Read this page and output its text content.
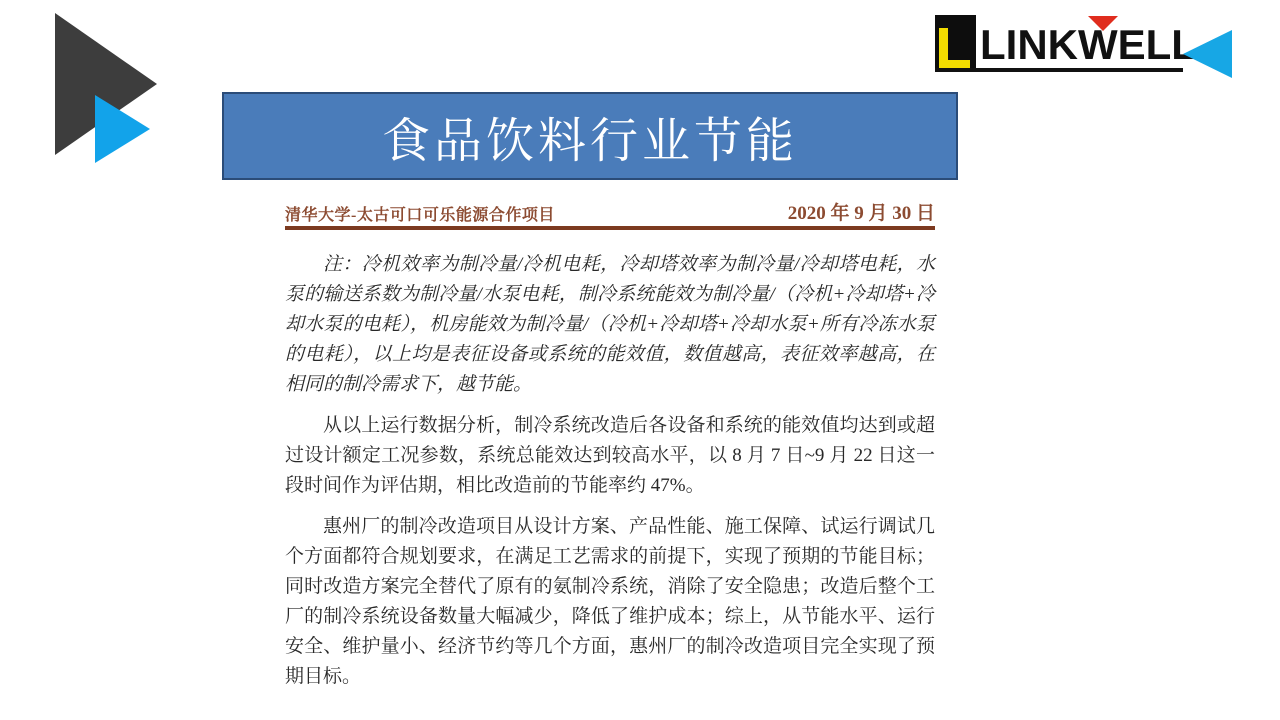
LINKWELL
食品饮料行业节能
清华大学-太古可口可乐能源合作项目	2020 年 9 月 30 日

注：冷机效率为制冷量/冷机电耗，冷却塔效率为制冷量/冷却塔电耗，水泵的输送系数为制冷量/水泵电耗，制冷系统能效为制冷量/（冷机+冷却塔+冷却水泵的电耗），机房能效为制冷量/（冷机+冷却塔+冷却水泵+所有冷冻水泵的电耗），以上均是表征设备或系统的能效值，数值越高，表征效率越高，在相同的制冷需求下，越节能。

从以上运行数据分析，制冷系统改造后各设备和系统的能效值均达到或超过设计额定工况参数，系统总能效达到较高水平，以 8 月 7 日~9 月 22 日这一段时间作为评估期，相比改造前的节能率约 47%。

惠州厂的制冷改造项目从设计方案、产品性能、施工保障、试运行调试几个方面都符合规划要求，在满足工艺需求的前提下，实现了预期的节能目标；同时改造方案完全替代了原有的氨制冷系统，消除了安全隐患；改造后整个工厂的制冷系统设备数量大幅减少，降低了维护成本；综上，从节能水平、运行安全、维护量小、经济节约等几个方面，惠州厂的制冷改造项目完全实现了预期目标。
